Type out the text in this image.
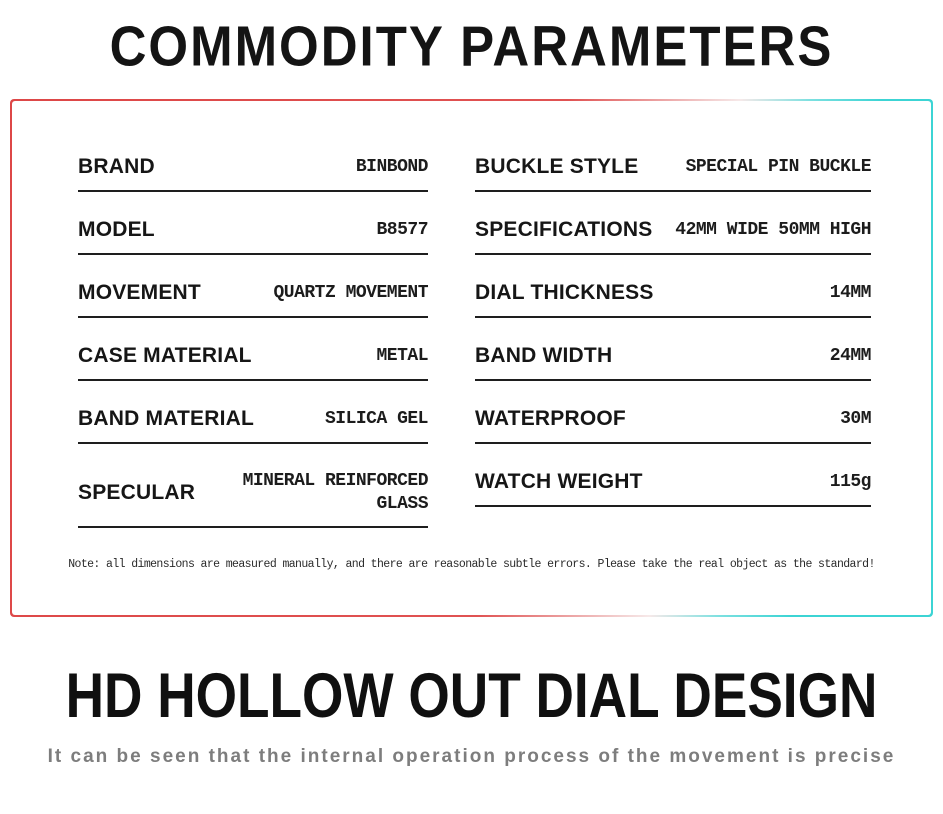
COMMODITY PARAMETERS
BRAND	BINBOND
MODEL	B8577
MOVEMENT	QUARTZ MOVEMENT
CASE MATERIAL	METAL
BAND MATERIAL	SILICA GEL
SPECULAR	MINERAL REINFORCED GLASS
BUCKLE STYLE	SPECIAL PIN BUCKLE
SPECIFICATIONS 42MM WIDE 50MM HIGH
DIAL THICKNESS	14MM
BAND WIDTH	24MM
WATERPROOF	30M
WATCH WEIGHT	115g
Note: all dimensions are measured manually, and there are reasonable subtle errors. Please take the real object as the standard!
HD HOLLOW OUT DIAL DESIGN
It can be seen that the internal operation process of the movement is precise
